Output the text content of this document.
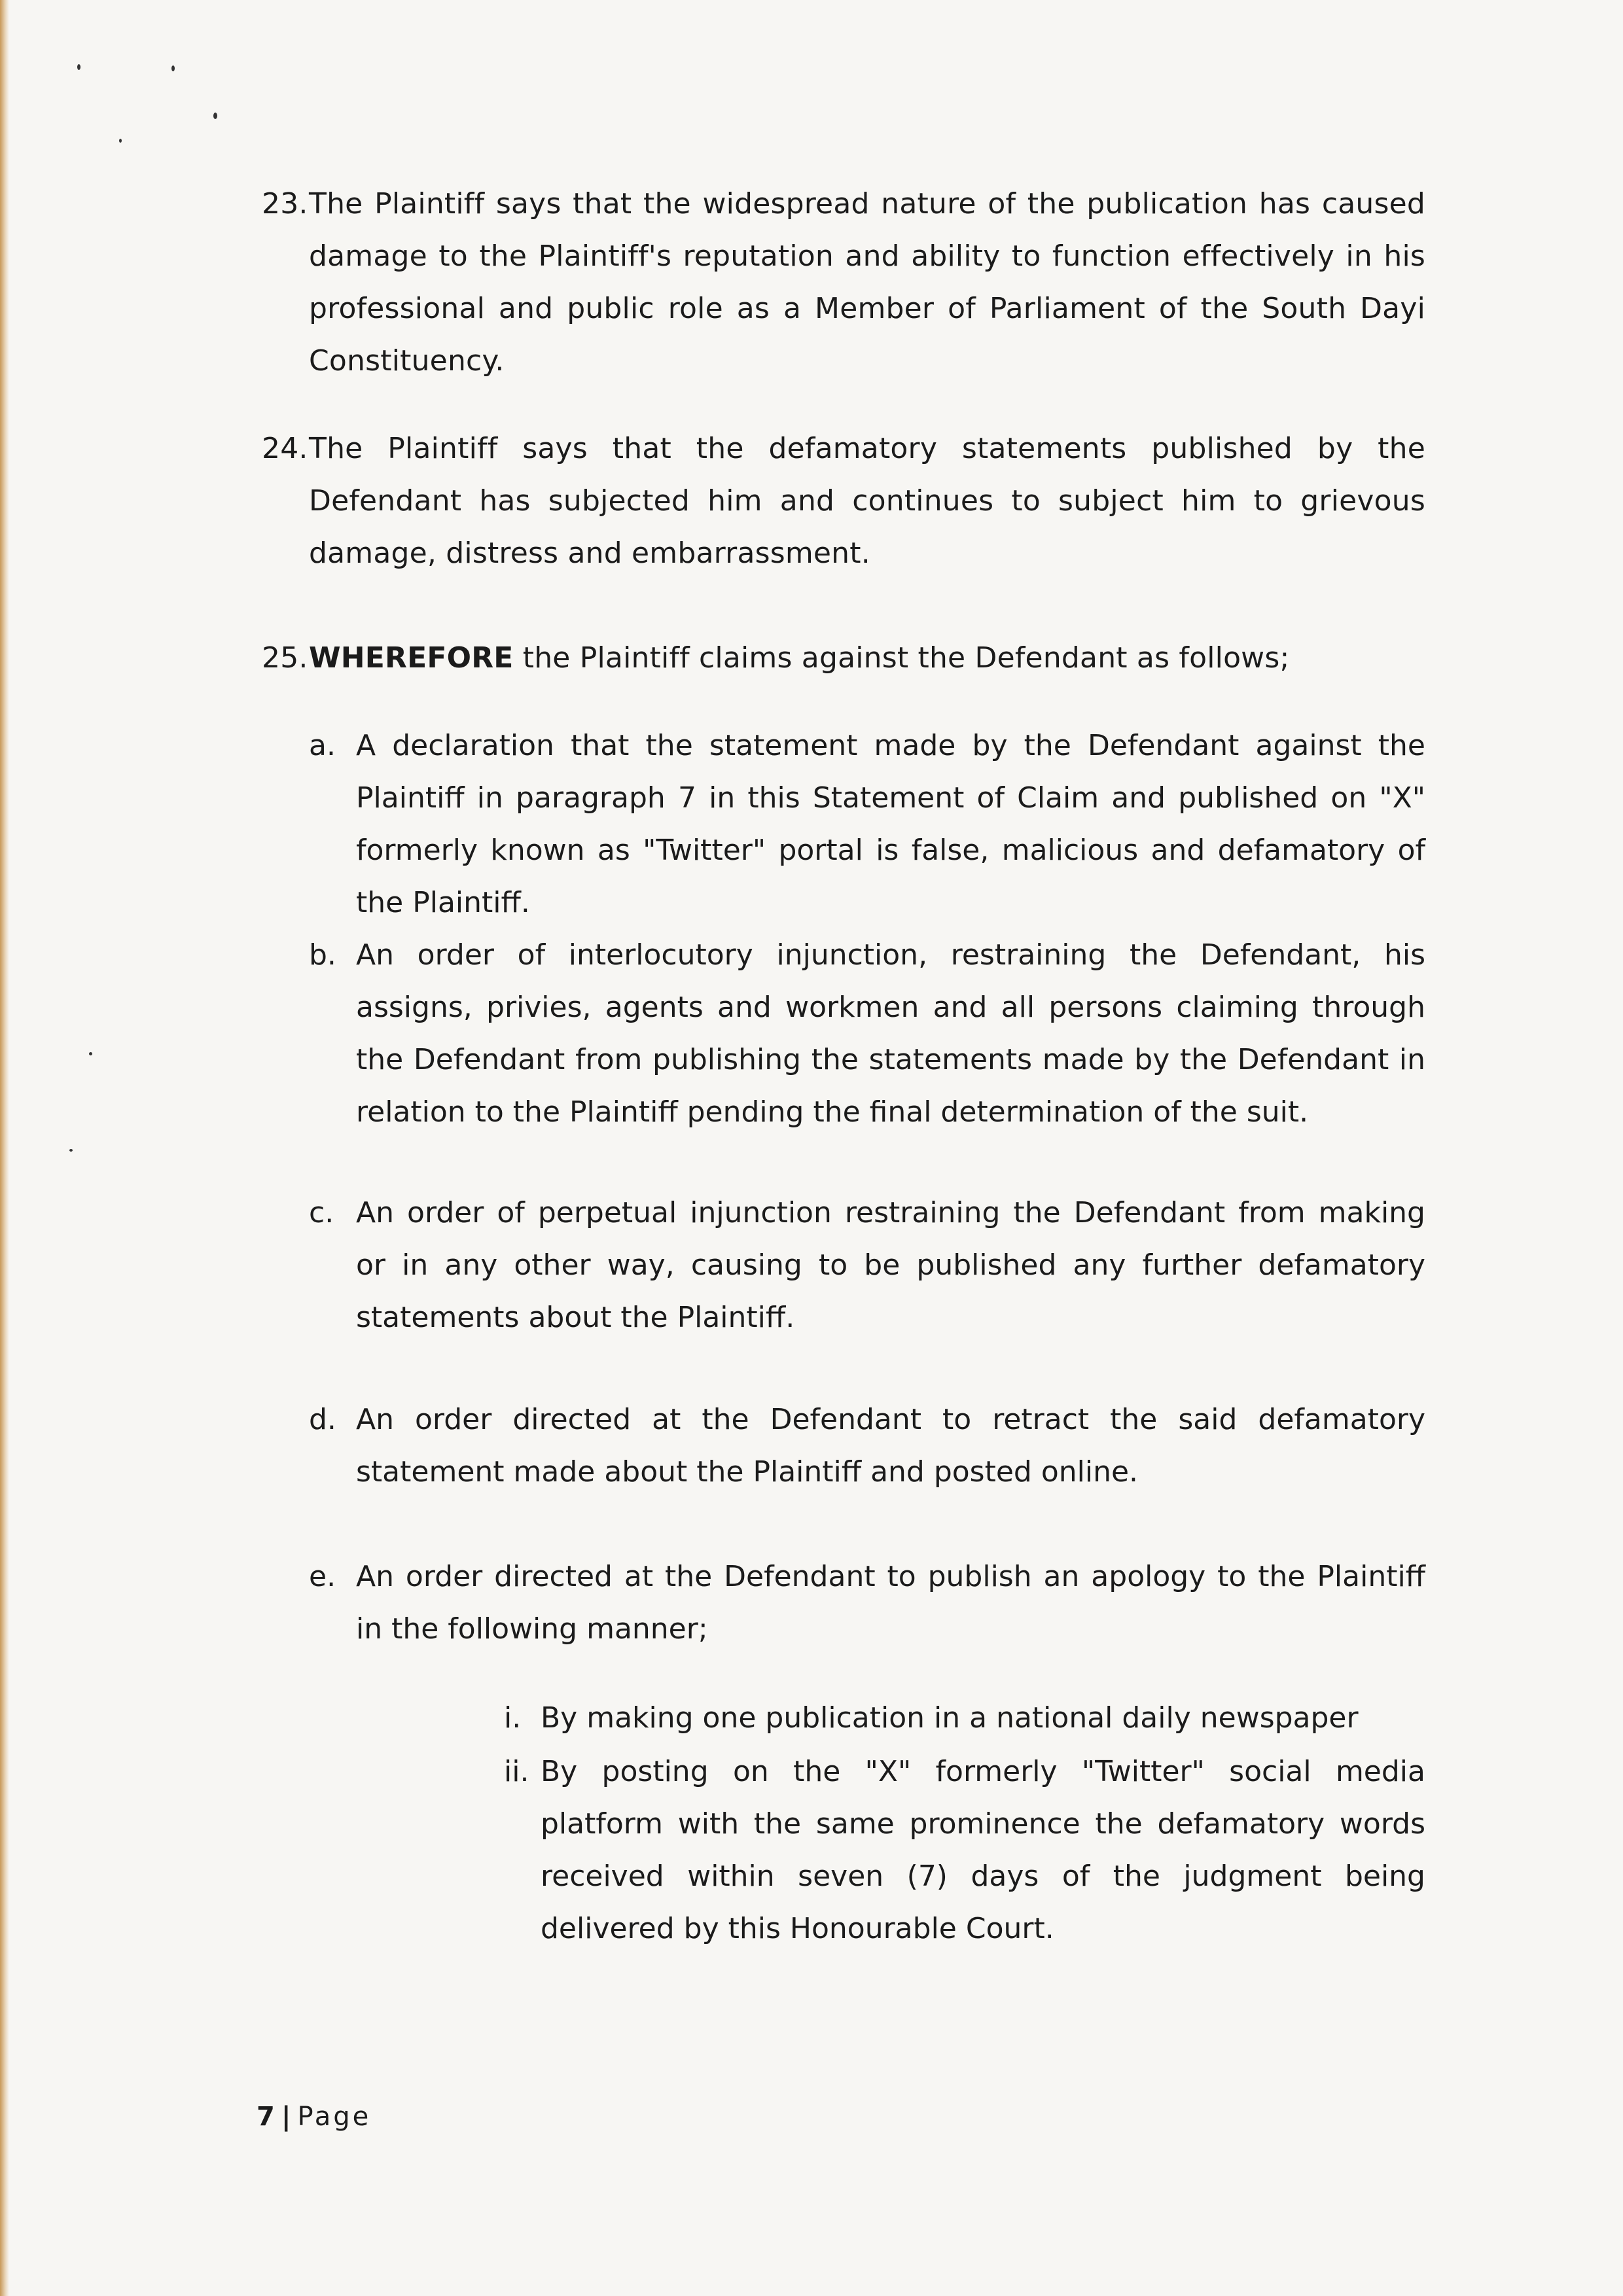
23. The Plaintiff says that the widespread nature of the publication has caused damage to the Plaintiff's reputation and ability to function effectively in his professional and public role as a Member of Parliament of the South Dayi Constituency.

24. The Plaintiff says that the defamatory statements published by the Defendant has subjected him and continues to subject him to grievous damage, distress and embarrassment.

25. WHEREFORE the Plaintiff claims against the Defendant as follows;

a. A declaration that the statement made by the Defendant against the Plaintiff in paragraph 7 in this Statement of Claim and published on "X" formerly known as "Twitter" portal is false, malicious and defamatory of the Plaintiff.

b. An order of interlocutory injunction, restraining the Defendant, his assigns, privies, agents and workmen and all persons claiming through the Defendant from publishing the statements made by the Defendant in relation to the Plaintiff pending the final determination of the suit.

c. An order of perpetual injunction restraining the Defendant from making or in any other way, causing to be published any further defamatory statements about the Plaintiff.

d. An order directed at the Defendant to retract the said defamatory statement made about the Plaintiff and posted online.

e. An order directed at the Defendant to publish an apology to the Plaintiff in the following manner;

i. By making one publication in a national daily newspaper

ii. By posting on the "X" formerly "Twitter" social media platform with the same prominence the defamatory words received within seven (7) days of the judgment being delivered by this Honourable Court.

7 | Page
